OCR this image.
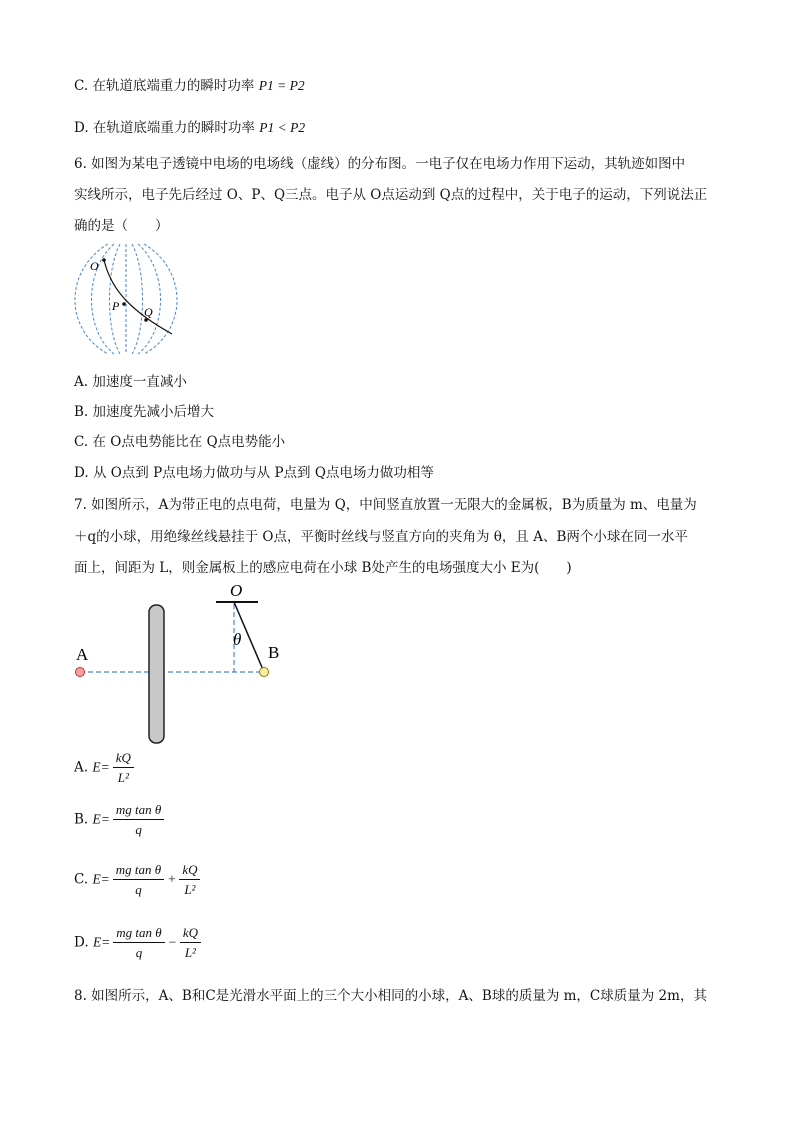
C. 在轨道底端重力的瞬时功率 P1 = P2
D. 在轨道底端重力的瞬时功率 P1 < P2
6. 如图为某电子透镜中电场的电场线（虚线）的分布图。一电子仅在电场力作用下运动，其轨迹如图中
实线所示，电子先后经过 O、P、Q三点。电子从 O点运动到 Q点的过程中，关于电子的运动，下列说法正
确的是（　　）
O
P Q
A. 加速度一直减小
B. 加速度先减小后增大
C. 在 O点电势能比在 Q点电势能小
D. 从 O点到 P点电场力做功与从 P点到 Q点电场力做功相等
7. 如图所示，A为带正电的点电荷，电量为 Q，中间竖直放置一无限大的金属板，B为质量为 m、电量为
＋q的小球，用绝缘丝线悬挂于 O点，平衡时丝线与竖直方向的夹角为 θ，且 A、B两个小球在同一水平
面上，间距为 L，则金属板上的感应电荷在小球 B处产生的电场强度大小 E为(　　)
A	B
O
θ
A. $E= \frac{kQ}{\text{L²}}$
B. $E= \frac{\text{mg tan θ}}{q}$
C. $E= \frac{\text{mg tan θ}}{q} + \frac{kQ}{\text{L²}}$
D. $E= \frac{\text{mg tan θ}}{q} - \frac{kQ}{\text{L²}}$
8. 如图所示，A、B和C是光滑水平面上的三个大小相同的小球，A、B球的质量为 m，C球质量为 2m，其
